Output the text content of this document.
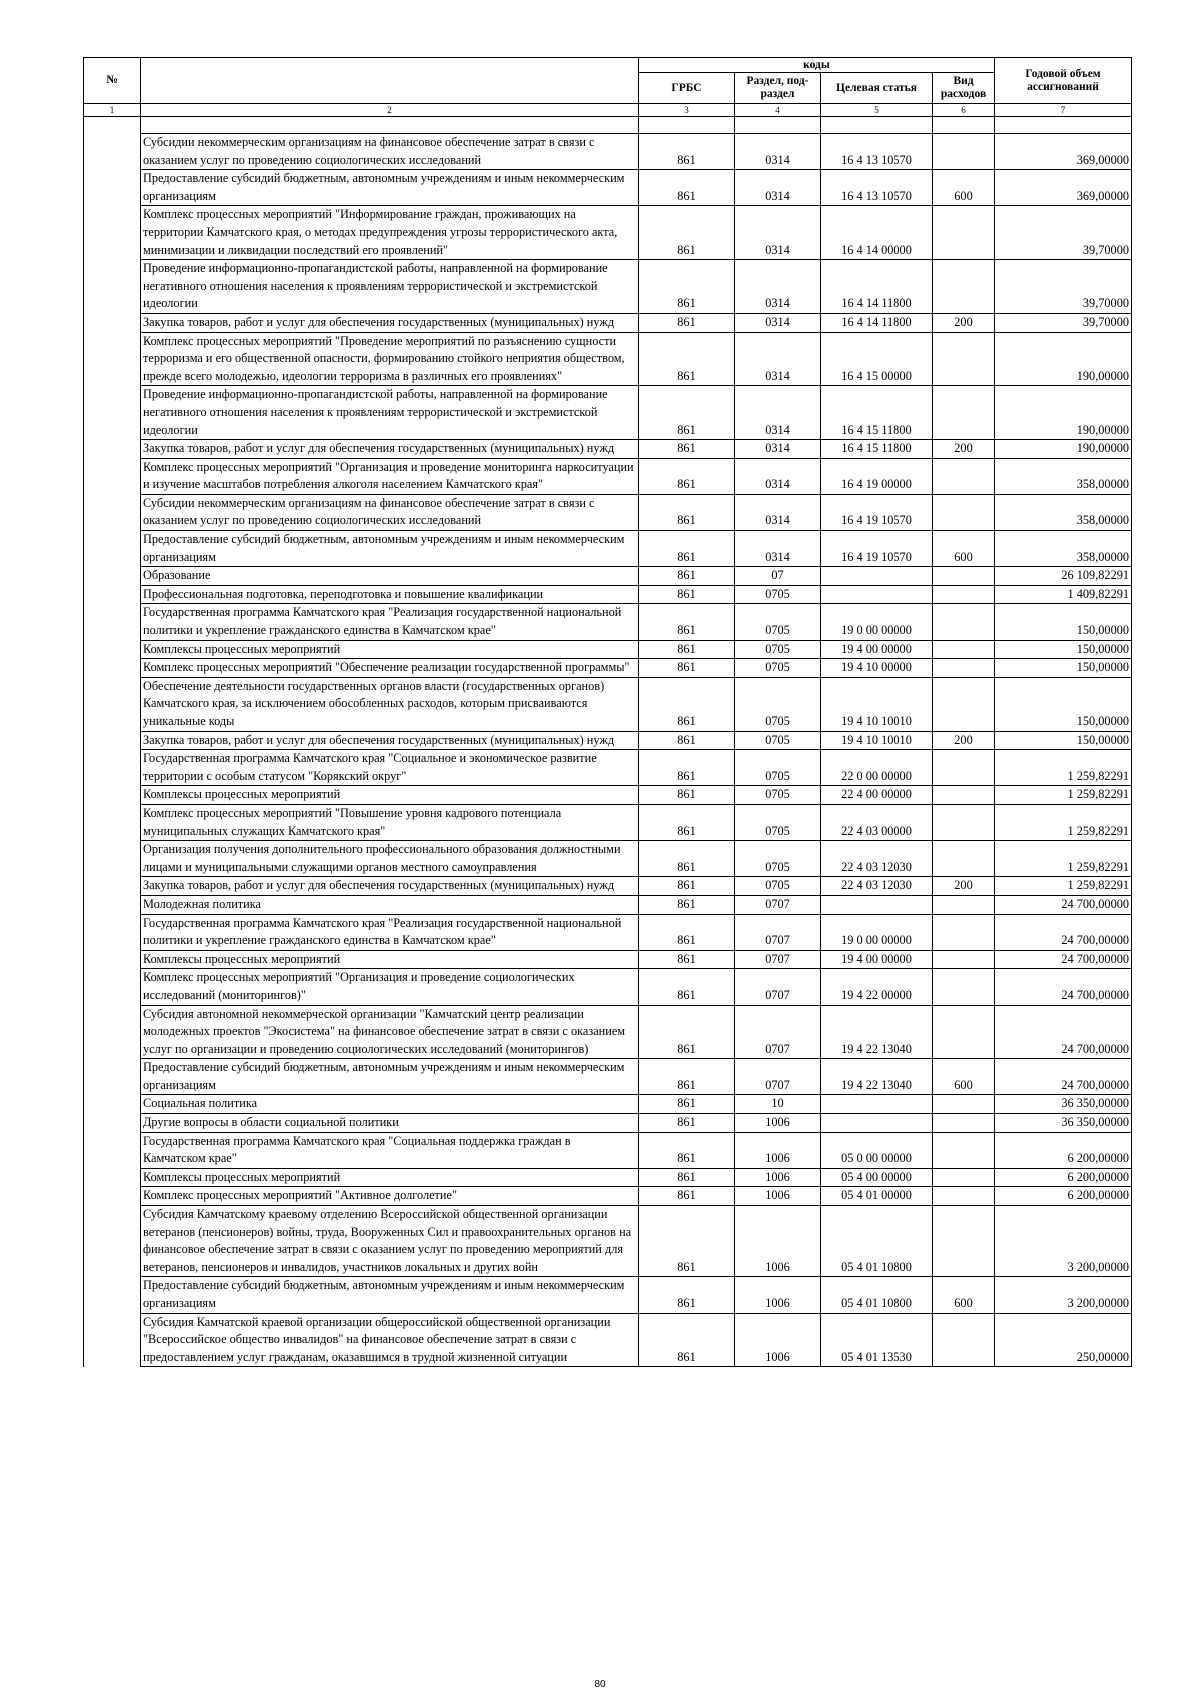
№		коды				Годовой объем ассигнований
		ГРБС	Раздел, под-раздел	Целевая статья	Вид расходов	
1	2	3	4	5	6	7

	Субсидии некоммерческим организациям на финансовое обеспечение затрат в связи с оказанием услуг по проведению социологических исследований	861	0314	16 4 13 10570		369,00000
	Предоставление субсидий бюджетным, автономным учреждениям и иным некоммерческим организациям	861	0314	16 4 13 10570	600	369,00000
	Комплекс процессных мероприятий "Информирование граждан, проживающих на территории Камчатского края, о методах предупреждения угрозы террористического акта, минимизации и ликвидации последствий его проявлений"	861	0314	16 4 14 00000		39,70000
	Проведение информационно-пропагандистской работы, направленной на формирование негативного отношения населения к проявлениям террористической и экстремистской идеологии	861	0314	16 4 14 11800		39,70000
	Закупка товаров, работ и услуг для обеспечения государственных (муниципальных) нужд	861	0314	16 4 14 11800	200	39,70000
	Комплекс процессных мероприятий "Проведение мероприятий по разъяснению сущности терроризма и его общественной опасности, формированию стойкого неприятия обществом, прежде всего молодежью, идеологии терроризма в различных его проявлениях"	861	0314	16 4 15 00000		190,00000
	Проведение информационно-пропагандистской работы, направленной на формирование негативного отношения населения к проявлениям террористической и экстремистской идеологии	861	0314	16 4 15 11800		190,00000
	Закупка товаров, работ и услуг для обеспечения государственных (муниципальных) нужд	861	0314	16 4 15 11800	200	190,00000
	Комплекс процессных мероприятий "Организация и проведение мониторинга наркоситуации и изучение масштабов потребления алкоголя населением Камчатского края"	861	0314	16 4 19 00000		358,00000
	Субсидии некоммерческим организациям на финансовое обеспечение затрат в связи с оказанием услуг по проведению социологических исследований	861	0314	16 4 19 10570		358,00000
	Предоставление субсидий бюджетным, автономным учреждениям и иным некоммерческим организациям	861	0314	16 4 19 10570	600	358,00000
	Образование	861	07			26 109,82291
	Профессиональная подготовка, переподготовка и повышение квалификации	861	0705			1 409,82291
	Государственная программа Камчатского края "Реализация государственной национальной политики и укрепление гражданского единства в Камчатском крае"	861	0705	19 0 00 00000		150,00000
	Комплексы процессных мероприятий	861	0705	19 4 00 00000		150,00000
	Комплекс процессных мероприятий "Обеспечение реализации государственной программы"	861	0705	19 4 10 00000		150,00000
	Обеспечение деятельности государственных органов власти (государственных органов) Камчатского края, за исключением обособленных расходов, которым присваиваются уникальные коды	861	0705	19 4 10 10010		150,00000
	Закупка товаров, работ и услуг для обеспечения государственных (муниципальных) нужд	861	0705	19 4 10 10010	200	150,00000
	Государственная программа Камчатского края "Социальное и экономическое развитие территории с особым статусом "Корякский округ"	861	0705	22 0 00 00000		1 259,82291
	Комплексы процессных мероприятий	861	0705	22 4 00 00000		1 259,82291
	Комплекс процессных мероприятий "Повышение уровня кадрового потенциала муниципальных служащих Камчатского края"	861	0705	22 4 03 00000		1 259,82291
	Организация получения дополнительного профессионального образования должностными лицами и муниципальными служащими органов местного самоуправления	861	0705	22 4 03 12030		1 259,82291
	Закупка товаров, работ и услуг для обеспечения государственных (муниципальных) нужд	861	0705	22 4 03 12030	200	1 259,82291
	Молодежная политика	861	0707			24 700,00000
	Государственная программа Камчатского края "Реализация государственной национальной политики и укрепление гражданского единства в Камчатском крае"	861	0707	19 0 00 00000		24 700,00000
	Комплексы процессных мероприятий	861	0707	19 4 00 00000		24 700,00000
	Комплекс процессных мероприятий "Организация и проведение социологических исследований (мониторингов)"	861	0707	19 4 22 00000		24 700,00000
	Субсидия автономной некоммерческой организации "Камчатский центр реализации молодежных проектов "Экосистема" на финансовое обеспечение затрат в связи с оказанием услуг по организации и проведению социологических исследований (мониторингов)	861	0707	19 4 22 13040		24 700,00000
	Предоставление субсидий бюджетным, автономным учреждениям и иным некоммерческим организациям	861	0707	19 4 22 13040	600	24 700,00000
	Социальная политика	861	10			36 350,00000
	Другие вопросы в области социальной политики	861	1006			36 350,00000
	Государственная программа Камчатского края "Социальная поддержка граждан в Камчатском крае"	861	1006	05 0 00 00000		6 200,00000
	Комплексы процессных мероприятий	861	1006	05 4 00 00000		6 200,00000
	Комплекс процессных мероприятий "Активное долголетие"	861	1006	05 4 01 00000		6 200,00000
	Субсидия Камчатскому краевому отделению Всероссийской общественной организации ветеранов (пенсионеров) войны, труда, Вооруженных Сил и правоохранительных органов на финансовое обеспечение затрат в связи с оказанием услуг по проведению мероприятий для ветеранов, пенсионеров и инвалидов, участников локальных и других войн	861	1006	05 4 01 10800		3 200,00000
	Предоставление субсидий бюджетным, автономным учреждениям и иным некоммерческим организациям	861	1006	05 4 01 10800	600	3 200,00000
	Субсидия Камчатской краевой организации общероссийской общественной организации "Всероссийское общество инвалидов" на финансовое обеспечение затрат в связи с предоставлением услуг гражданам, оказавшимся в трудной жизненной ситуации	861	1006	05 4 01 13530		250,00000
80
